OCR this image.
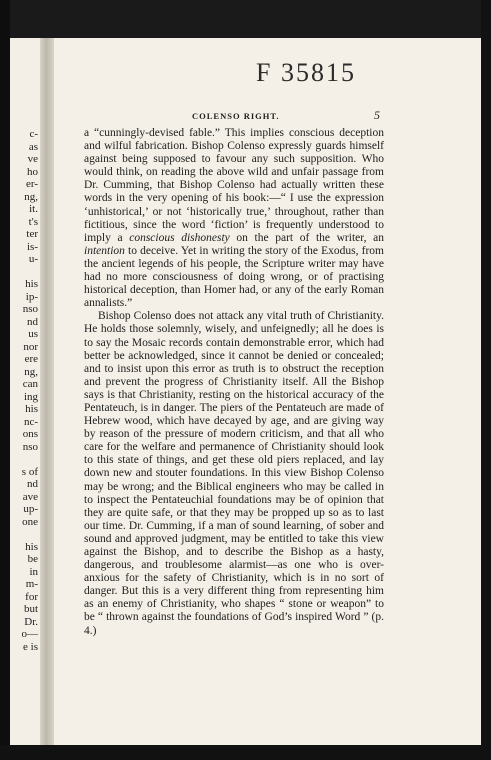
c-
as
ve
ho
er-
ng,
it.
t's
ter
is-
u-
his
ip-
nso
nd
us
nor
ere
ng,
can
ing
his
nc-
ons
nso
s of
nd
ave
up-
one
his
be
in
m-
for
but
Dr.
o—
e is
F 35815
COLENSO RIGHT.	5

a “cunningly-devised fable.” This implies conscious deception and wilful fabrication. Bishop Colenso expressly guards himself against being supposed to favour any such supposition. Who would think, on reading the above wild and unfair passage from Dr. Cumming, that Bishop Colenso had actually written these words in the very opening of his book:—“ I use the expression ‘unhistorical,’ or not ‘historically true,’ throughout, rather than fictitious, since the word ‘fiction’ is frequently understood to imply a conscious dishonesty on the part of the writer, an intention to deceive. Yet in writing the story of the Exodus, from the ancient legends of his people, the Scripture writer may have had no more consciousness of doing wrong, or of practising historical deception, than Homer had, or any of the early Roman annalists.”

Bishop Colenso does not attack any vital truth of Christianity. He holds those solemnly, wisely, and unfeignedly; all he does is to say the Mosaic records contain demonstrable error, which had better be acknowledged, since it cannot be denied or concealed; and to insist upon this error as truth is to obstruct the reception and prevent the progress of Christianity itself. All the Bishop says is that Christianity, resting on the historical accuracy of the Pentateuch, is in danger. The piers of the Pentateuch are made of Hebrew wood, which have decayed by age, and are giving way by reason of the pressure of modern criticism, and that all who care for the welfare and permanence of Christianity should look to this state of things, and get these old piers replaced, and lay down new and stouter foundations. In this view Bishop Colenso may be wrong; and the Biblical engineers who may be called in to inspect the Pentateuchial foundations may be of opinion that they are quite safe, or that they may be propped up so as to last our time. Dr. Cumming, if a man of sound learning, of sober and sound and approved judgment, may be entitled to take this view against the Bishop, and to describe the Bishop as a hasty, dangerous, and troublesome alarmist—as one who is over-anxious for the safety of Christianity, which is in no sort of danger. But this is a very different thing from representing him as an enemy of Christianity, who shapes “ stone or weapon” to be “ thrown against the foundations of God’s inspired Word ” (p. 4.)
